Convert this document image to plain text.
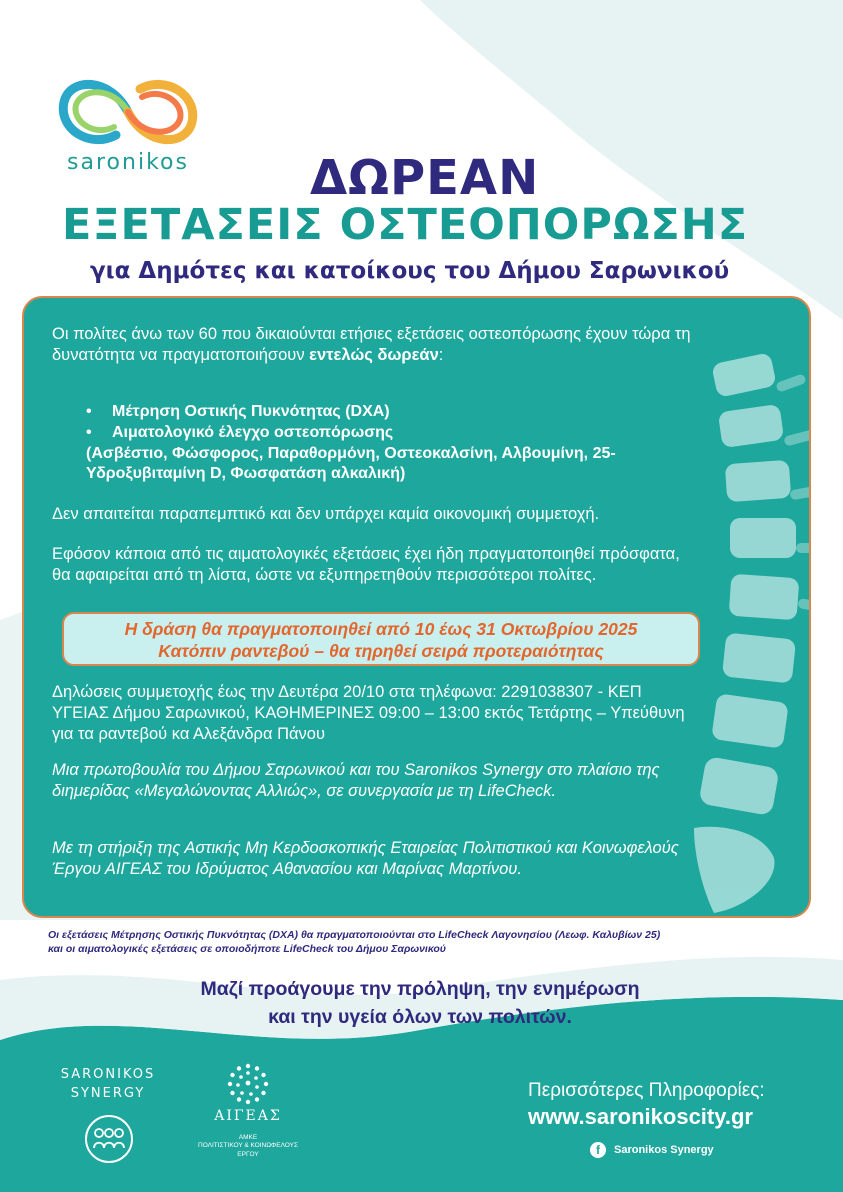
saronikos	ΔΩΡΕΑΝ
ΕΞΕΤΑΣΕΙΣ ΟΣΤΕΟΠΟΡΩΣΗΣ
για Δημότες και κατοίκους του Δήμου Σαρωνικού
Οι πολίτες άνω των 60 που δικαιούνται ετήσιες εξετάσεις οστεοπόρωσης έχουν τώρα τη δυνατότητα να πραγματοποιήσουν εντελώς δωρεάν:
•	Μέτρηση Οστικής Πυκνότητας (DXA)
•	Αιματολογικό έλεγχο οστεοπόρωσης
(Ασβέστιο, Φώσφορος, Παραθορμόνη, Οστεοκαλσίνη, Αλβουμίνη, 25-Υδροξυβιταμίνη D, Φωσφατάση αλκαλική)
Δεν απαιτείται παραπεμπτικό και δεν υπάρχει καμία οικονομική συμμετοχή.
Εφόσον κάποια από τις αιματολογικές εξετάσεις έχει ήδη πραγματοποιηθεί πρόσφατα, θα αφαιρείται από τη λίστα, ώστε να εξυπηρετηθούν περισσότεροι πολίτες.
Η δράση θα πραγματοποιηθεί από 10 έως 31 Οκτωβρίου 2025
Κατόπιν ραντεβού – θα τηρηθεί σειρά προτεραιότητας
Δηλώσεις συμμετοχής έως την Δευτέρα 20/10 στα τηλέφωνα: 2291038307 - ΚΕΠ ΥΓΕΙΑΣ Δήμου Σαρωνικού, ΚΑΘΗΜΕΡΙΝΕΣ 09:00 – 13:00 εκτός Τετάρτης – Υπεύθυνη για τα ραντεβού κα Αλεξάνδρα Πάνου
Μια πρωτοβουλία του Δήμου Σαρωνικού και του Saronikos Synergy στο πλαίσιο της διημερίδας «Μεγαλώνοντας Αλλιώς», σε συνεργασία με τη LifeCheck.
Με τη στήριξη της Αστικής Μη Κερδοσκοπικής Εταιρείας Πολιτιστικού και Κοινωφελούς Έργου ΑΙΓΕΑΣ του Ιδρύματος Αθανασίου και Μαρίνας Μαρτίνου.
Οι εξετάσεις Μέτρησης Οστικής Πυκνότητας (DXA) θα πραγματοποιούνται στο LifeCheck Λαγονησίου (Λεωφ. Καλυβίων 25)
και οι αιματολογικές εξετάσεις σε οποιοδήποτε LifeCheck του Δήμου Σαρωνικού
Μαζί προάγουμε την πρόληψη, την ενημέρωση
και την υγεία όλων των πολιτών.
SARONIKOS
SYNERGY
ΑΙΓΕΑΣ
ΑΜΚΕ
ΠΟΛΙΤΙΣΤΙΚΟΥ & ΚΟΙΝΩΦΕΛΟΥΣ
ΕΡΓΟΥ
Περισσότερες Πληροφορίες:
www.saronikoscity.gr
f	Saronikos Synergy
